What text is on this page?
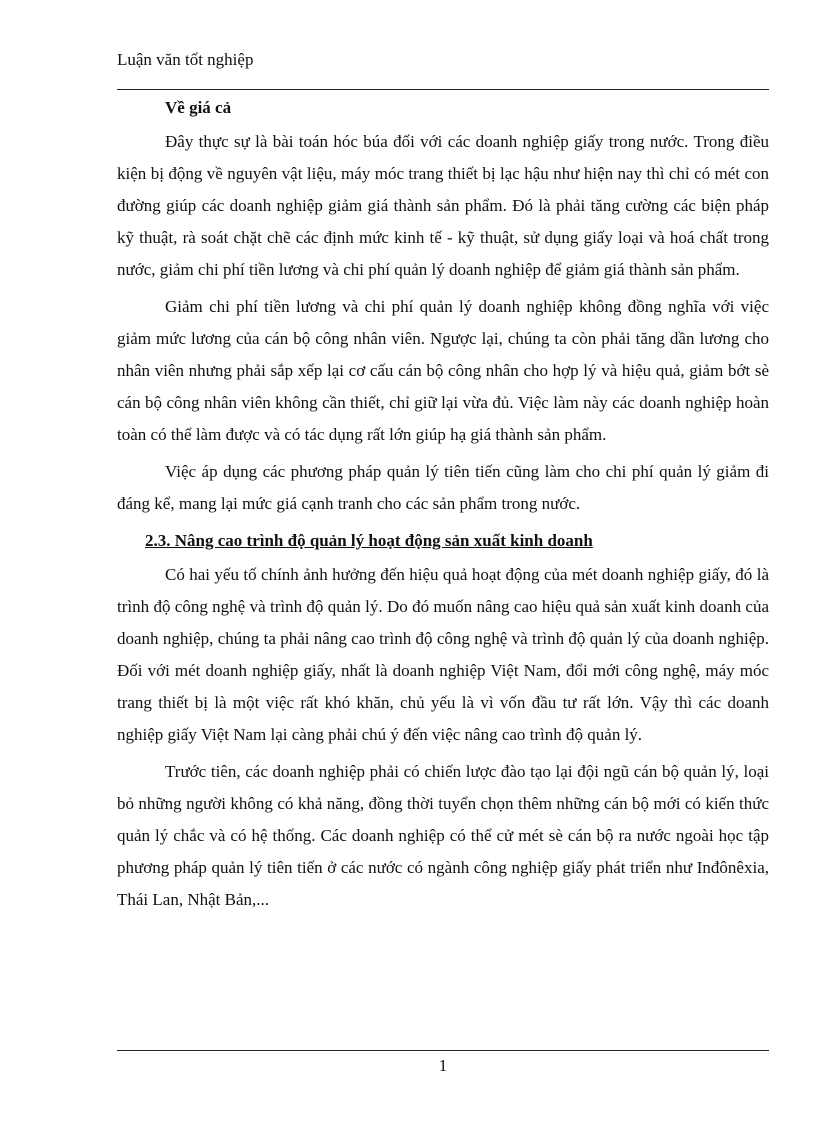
Luận văn tốt nghiệp

Về giá cả

Đây thực sự là bài toán hóc búa đối với các doanh nghiệp giấy trong nước. Trong điều kiện bị động về nguyên vật liệu, máy móc trang thiết bị lạc hậu như hiện nay thì chỉ có mét con đường giúp các doanh nghiệp giảm giá thành sản phẩm. Đó là phải tăng cường các biện pháp kỹ thuật, rà soát chặt chẽ các định mức kinh tế - kỹ thuật, sử dụng giấy loại và hoá chất trong nước, giảm chi phí tiền lương và chi phí quản lý doanh nghiệp để giảm giá thành sản phẩm.

Giảm chi phí tiền lương và chi phí quản lý doanh nghiệp không đồng nghĩa với việc giảm mức lương của cán bộ công nhân viên. Ngược lại, chúng ta còn phải tăng dần lương cho nhân viên nhưng phải sắp xếp lại cơ cấu cán bộ công nhân cho hợp lý và hiệu quả, giảm bớt sè cán bộ công nhân viên không cần thiết, chỉ giữ lại vừa đủ. Việc làm này các doanh nghiệp hoàn toàn có thể làm được và có tác dụng rất lớn giúp hạ giá thành sản phẩm.

Việc áp dụng các phương pháp quản lý tiên tiến cũng làm cho chi phí quản lý giảm đi đáng kể, mang lại mức giá cạnh tranh cho các sản phẩm trong nước.

2.3. Nâng cao trình độ quản lý hoạt động sản xuất kinh doanh

Có hai yếu tố chính ảnh hưởng đến hiệu quả hoạt động của mét doanh nghiệp giấy, đó là trình độ công nghệ và trình độ quản lý. Do đó muốn nâng cao hiệu quả sản xuất kinh doanh của doanh nghiệp, chúng ta phải nâng cao trình độ công nghệ và trình độ quản lý của doanh nghiệp. Đối với mét doanh nghiệp giấy, nhất là doanh nghiệp Việt Nam, đổi mới công nghệ, máy móc trang thiết bị là một việc rất khó khăn, chủ yếu là vì vốn đầu tư rất lớn. Vậy thì các doanh nghiệp giấy Việt Nam lại càng phải chú ý đến việc nâng cao trình độ quản lý.

Trước tiên, các doanh nghiệp phải có chiến lược đào tạo lại đội ngũ cán bộ quản lý, loại bỏ những người không có khả năng, đồng thời tuyển chọn thêm những cán bộ mới có kiến thức quản lý chắc và có hệ thống. Các doanh nghiệp có thể cử mét sè cán bộ ra nước ngoài học tập phương pháp quản lý tiên tiến ở các nước có ngành công nghiệp giấy phát triển như Inđônêxia, Thái Lan, Nhật Bản,...

1
